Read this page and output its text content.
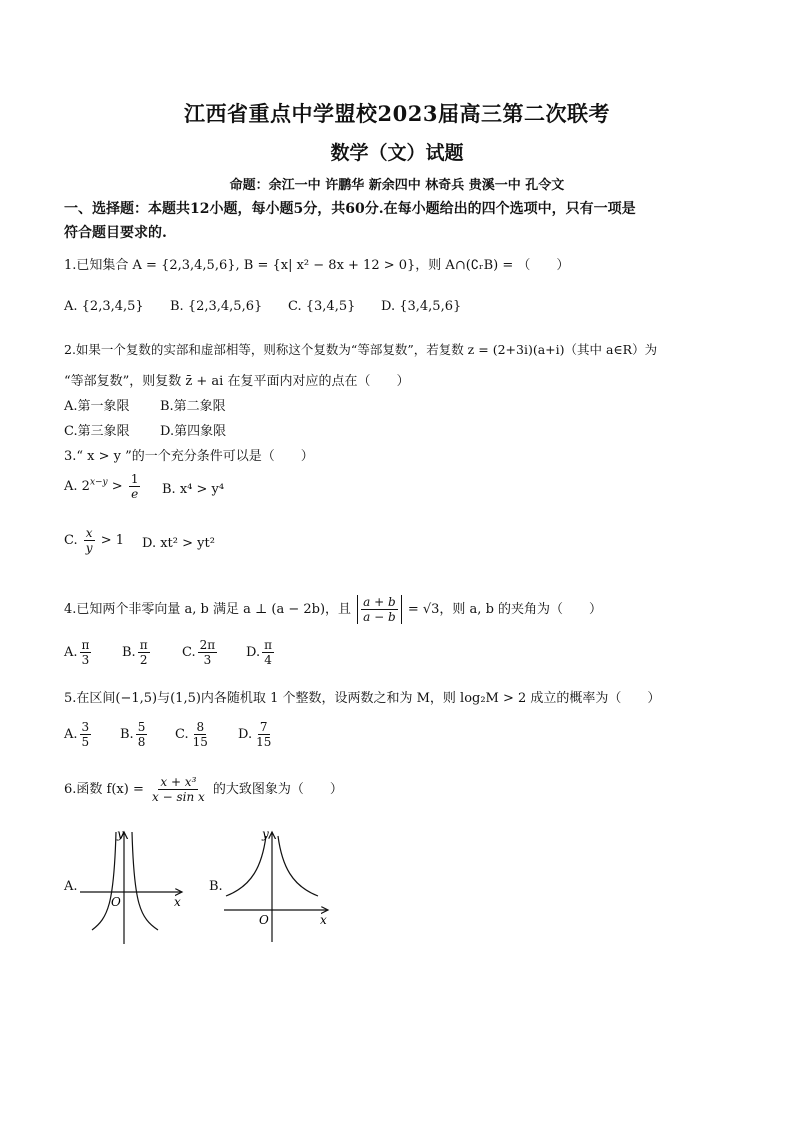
江西省重点中学盟校2023届高三第二次联考
数学（文）试题
命题：余江一中 许鹏华 新余四中 林奇兵 贵溪一中 孔令文
一、选择题：本题共12小题，每小题5分，共60分.在每小题给出的四个选项中，只有一项是
符合题目要求的.
1.已知集合 A = {2,3,4,5,6}, B = {x| x² − 8x + 12 > 0}，则 A∩(∁ᵣB) = （　　）
A. {2,3,4,5} B. {2,3,4,5,6} C. {3,4,5} D. {3,4,5,6}
2.如果一个复数的实部和虚部相等，则称这个复数为“等部复数”，若复数 z = (2+3i)(a+i)（其中 a∈R）为
“等部复数”，则复数 z̄ + ai 在复平面内对应的点在（　　）
A.第一象限 B.第二象限
C.第三象限 D.第四象限
3.“ x > y ”的一个充分条件可以是（　　）
A. $2^{x-y} > \frac{1}{e} B$. x⁴ > y⁴
C. $\frac{x}{y} > 1$ D. xt² > yt²
4.已知两个非零向量 a, b 满足 a ⊥ (a − 2b)，且 $\frac{a + b}{a - b} = √3$，则 a, b 的夹角为（　　）
A. $\frac{\pi}{3} B$. $\frac{\pi}{2} C$. $\frac{2\pi}{3} D$. $\frac{\pi}{4}$
5.在区间(−1,5)与(1,5)内各随机取 1 个整数，设两数之和为 M，则 log₂M > 2 成立的概率为（　　）
A. $\frac{3}{5} B$. $\frac{5}{8} C$. $\frac{8}{15} D$. $\frac{7}{15}$
6.函数 $f(x) = \frac{\text{x + x³}}{\text{x − sin x}}$ 的大致图象为（　　）
A.
y
x
O
B.
y
x
O
